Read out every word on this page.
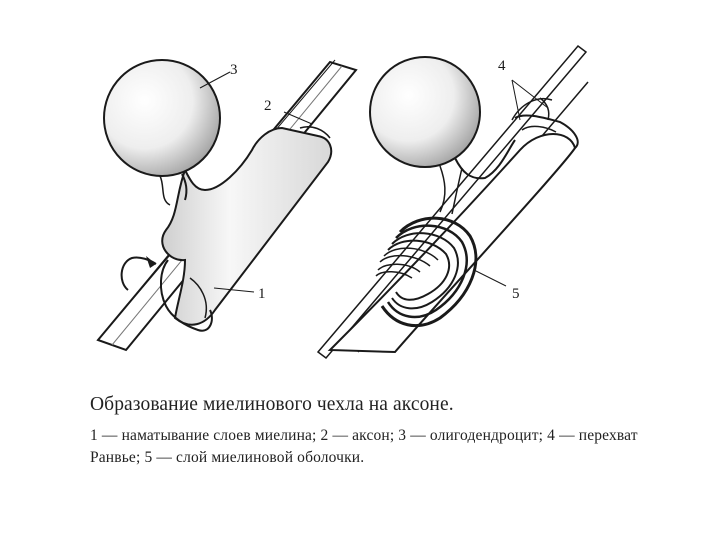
3
2
1
4
5
Образование миелинового чехла на аксоне.
1 — наматывание слоев миелина; 2 — аксон; 3 — олигодендроцит; 4 — перехват Ранвье; 5 — слой миелиновой оболочки.
